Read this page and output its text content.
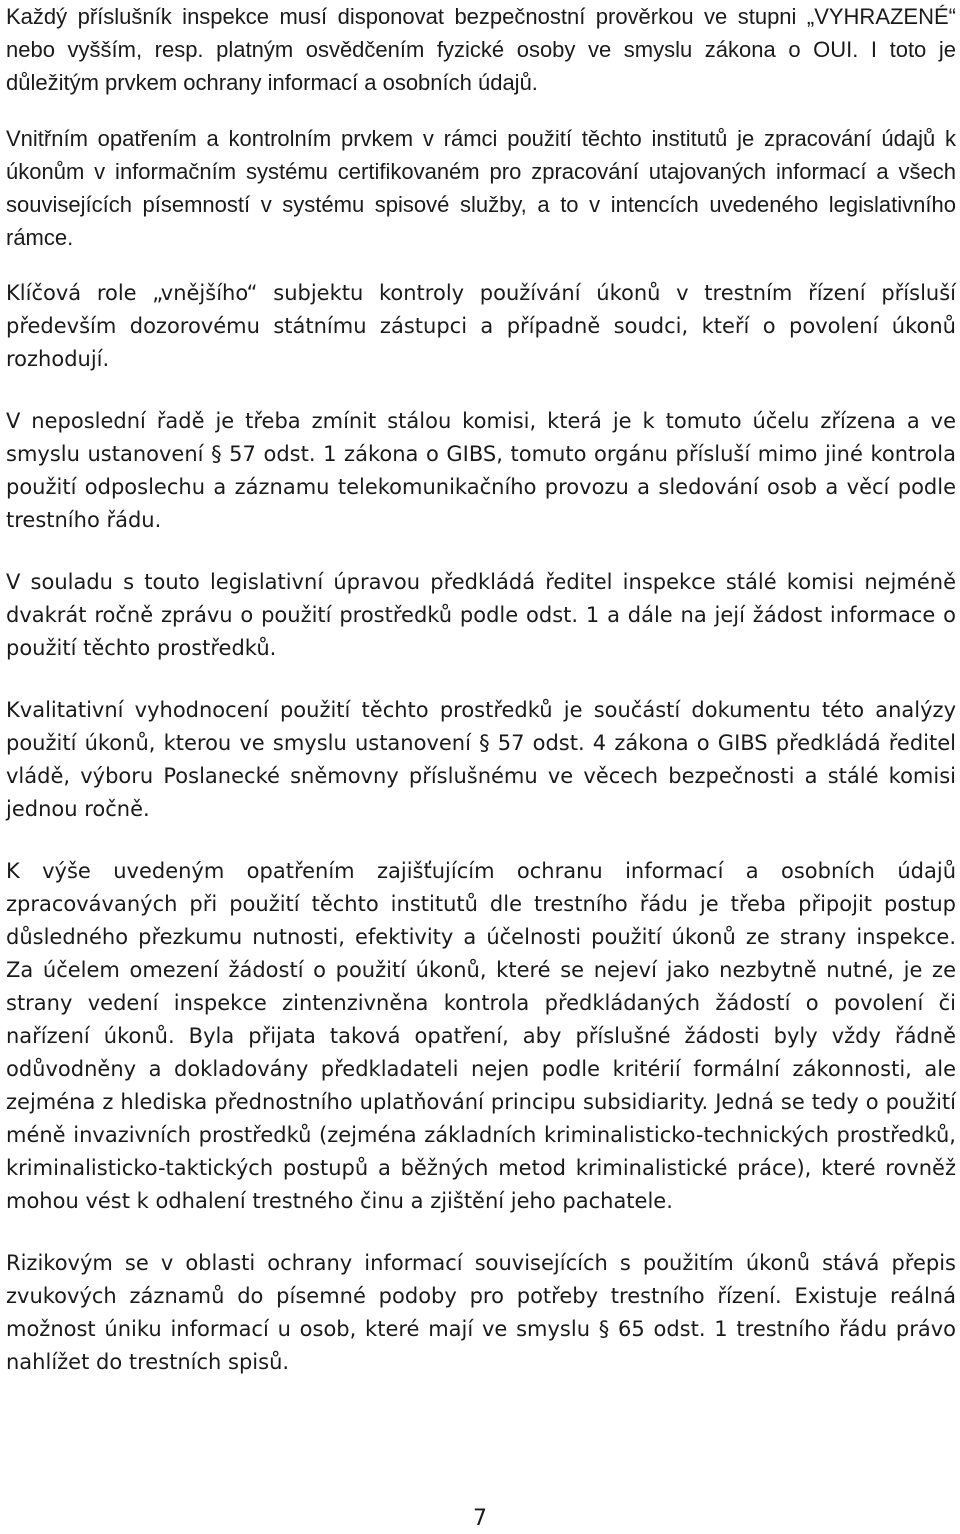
Každý příslušník inspekce musí disponovat bezpečnostní prověrkou ve stupni „VYHRAZENÉ“ nebo vyšším, resp. platným osvědčením fyzické osoby ve smyslu zákona o OUI. I toto je důležitým prvkem ochrany informací a osobních údajů.

Vnitřním opatřením a kontrolním prvkem v rámci použití těchto institutů je zpracování údajů k úkonům v informačním systému certifikovaném pro zpracování utajovaných informací a všech souvisejících písemností v systému spisové služby, a to v intencích uvedeného legislativního rámce.

Klíčová role „vnějšího“ subjektu kontroly používání úkonů v trestním řízení přísluší především dozorovému státnímu zástupci a případně soudci, kteří o povolení úkonů rozhodují.

V neposlední řadě je třeba zmínit stálou komisi, která je k tomuto účelu zřízena a ve smyslu ustanovení § 57 odst. 1 zákona o GIBS, tomuto orgánu přísluší mimo jiné kontrola použití odposlechu a záznamu telekomunikačního provozu a sledování osob a věcí podle trestního řádu.

V souladu s touto legislativní úpravou předkládá ředitel inspekce stálé komisi nejméně dvakrát ročně zprávu o použití prostředků podle odst. 1 a dále na její žádost informace o použití těchto prostředků.

Kvalitativní vyhodnocení použití těchto prostředků je součástí dokumentu této analýzy použití úkonů, kterou ve smyslu ustanovení § 57 odst. 4 zákona o GIBS předkládá ředitel vládě, výboru Poslanecké sněmovny příslušnému ve věcech bezpečnosti a stálé komisi jednou ročně.

K výše uvedeným opatřením zajišťujícím ochranu informací a osobních údajů zpracovávaných při použití těchto institutů dle trestního řádu je třeba připojit postup důsledného přezkumu nutnosti, efektivity a účelnosti použití úkonů ze strany inspekce. Za účelem omezení žádostí o použití úkonů, které se nejeví jako nezbytně nutné, je ze strany vedení inspekce zintenzivněna kontrola předkládaných žádostí o povolení či nařízení úkonů. Byla přijata taková opatření, aby příslušné žádosti byly vždy řádně odůvodněny a dokladovány předkladateli nejen podle kritérií formální zákonnosti, ale zejména z hlediska přednostního uplatňování principu subsidiarity. Jedná se tedy o použití méně invazivních prostředků (zejména základních kriminalisticko-technických prostředků, kriminalisticko-taktických postupů a běžných metod kriminalistické práce), které rovněž mohou vést k odhalení trestného činu a zjištění jeho pachatele.

Rizikovým se v oblasti ochrany informací souvisejících s použitím úkonů stává přepis zvukových záznamů do písemné podoby pro potřeby trestního řízení. Existuje reálná možnost úniku informací u osob, které mají ve smyslu § 65 odst. 1 trestního řádu právo nahlížet do trestních spisů.

7
